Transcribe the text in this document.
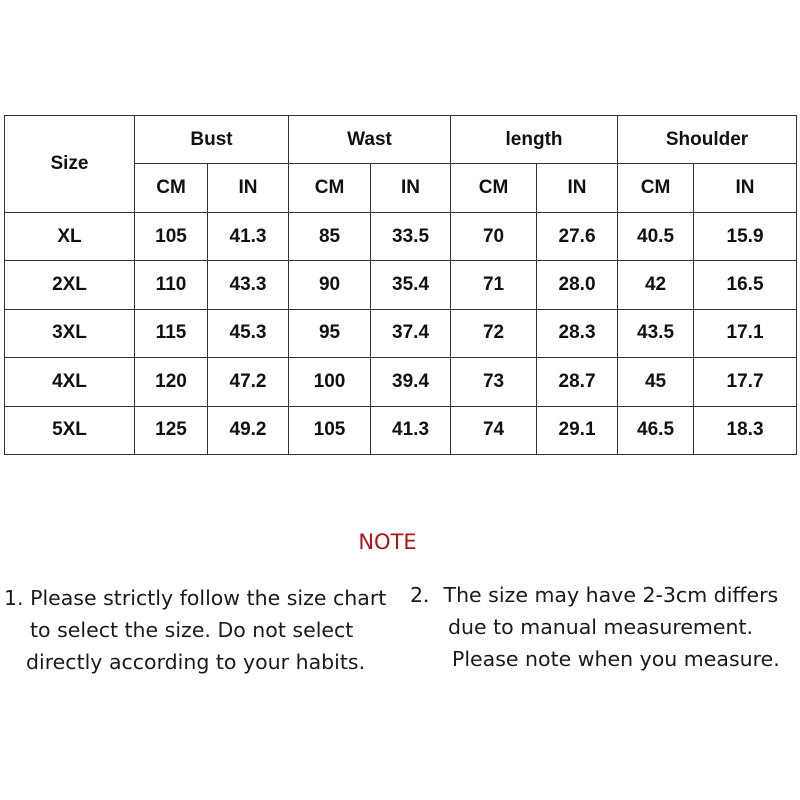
Size	Bust		Wast		length		Shoulder	
	CM	IN	CM	IN	CM	IN	CM	IN
XL	105	41.3	85	33.5	70	27.6	40.5	15.9
2XL	110	43.3	90	35.4	71	28.0	42	16.5
3XL	115	45.3	95	37.4	72	28.3	43.5	17.1
4XL	120	47.2	100	39.4	73	28.7	45	17.7
5XL	125	49.2	105	41.3	74	29.1	46.5	18.3
NOTE
1. Please strictly follow the size chart
to select the size. Do not select
directly according to your habits.
2．The size may have 2-3cm differs
due to manual measurement.
Please note when you measure.
